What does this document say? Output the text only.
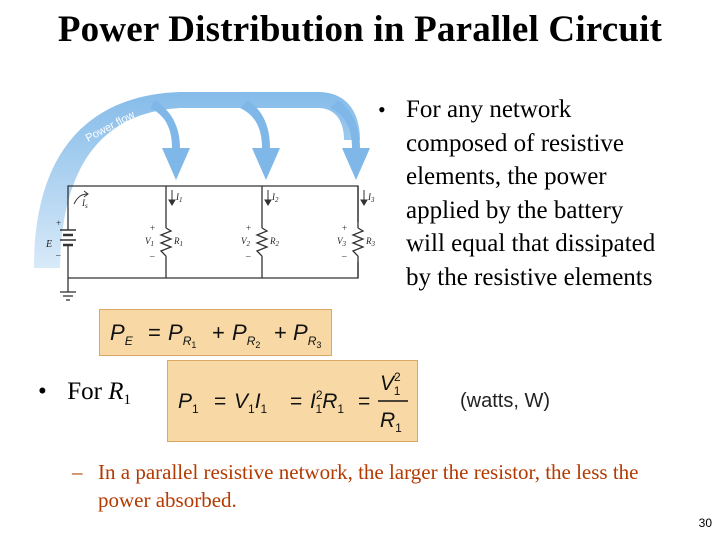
Power Distribution in Parallel Circuit
Power flow
E
+
–
$I_s$
$I_1$	$I_2$	$I_3$
+
$V_1$
–
$R_1$
+
$V_2$
–
$R_2$
+
$V_3$
–
$R_3$
$P_E = P_R1 + P_R2 + P_R3$
$P_1 = V_1I_1 = I^2$ $1R_1$ =
$V^2$ 1
$R_1$
(watts, W)
• For any network composed of resistive elements, the power applied by the battery will equal that dissipated by the resistive elements
• For $R_1$
– In a parallel resistive network, the larger the resistor, the less the power absorbed.
30
